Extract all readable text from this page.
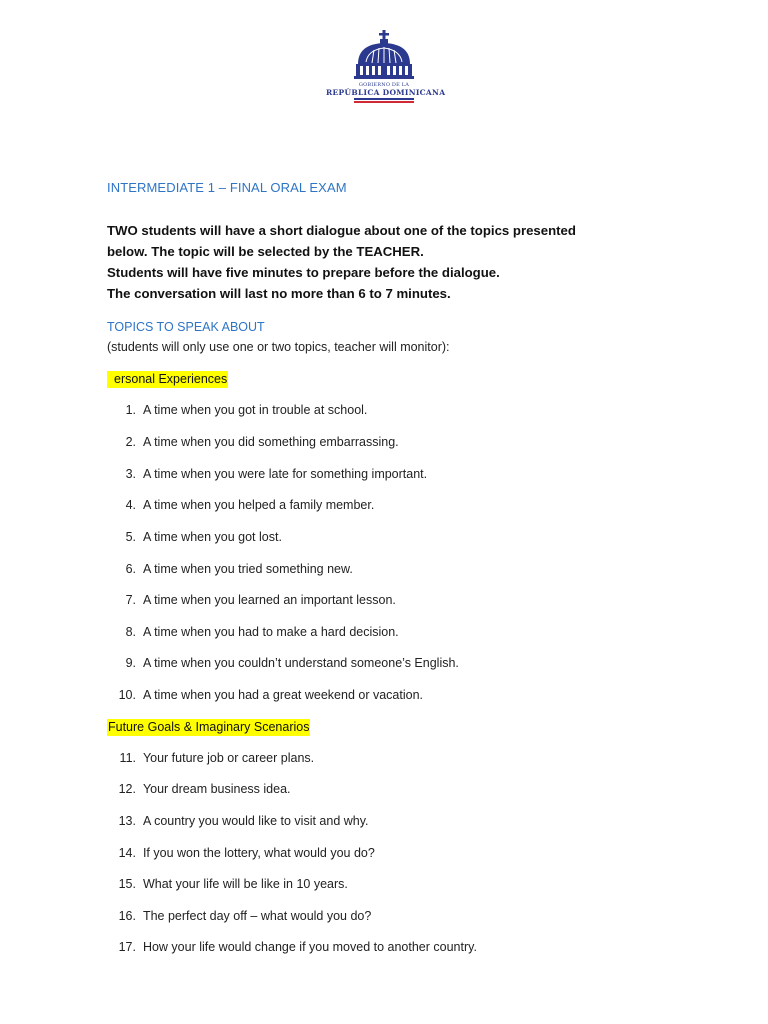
GOBIERNO DE LA
REPÚBLICA DOMINICANA
INTERMEDIATE 1 – FINAL ORAL EXAM
TWO students will have a short dialogue about one of the topics presented
below. The topic will be selected by the TEACHER.
Students will have five minutes to prepare before the dialogue.
The conversation will last no more than 6 to 7 minutes.
TOPICS TO SPEAK ABOUT
(students will only use one or two topics, teacher will monitor):
ersonal Experiences
1. A time when you got in trouble at school.
2. A time when you did something embarrassing.
3. A time when you were late for something important.
4. A time when you helped a family member.
5. A time when you got lost.
6. A time when you tried something new.
7. A time when you learned an important lesson.
8. A time when you had to make a hard decision.
9. A time when you couldn’t understand someone’s English.
10. A time when you had a great weekend or vacation.
Future Goals & Imaginary Scenarios
11. Your future job or career plans.
12. Your dream business idea.
13. A country you would like to visit and why.
14. If you won the lottery, what would you do?
15. What your life will be like in 10 years.
16. The perfect day off – what would you do?
17. How your life would change if you moved to another country.
